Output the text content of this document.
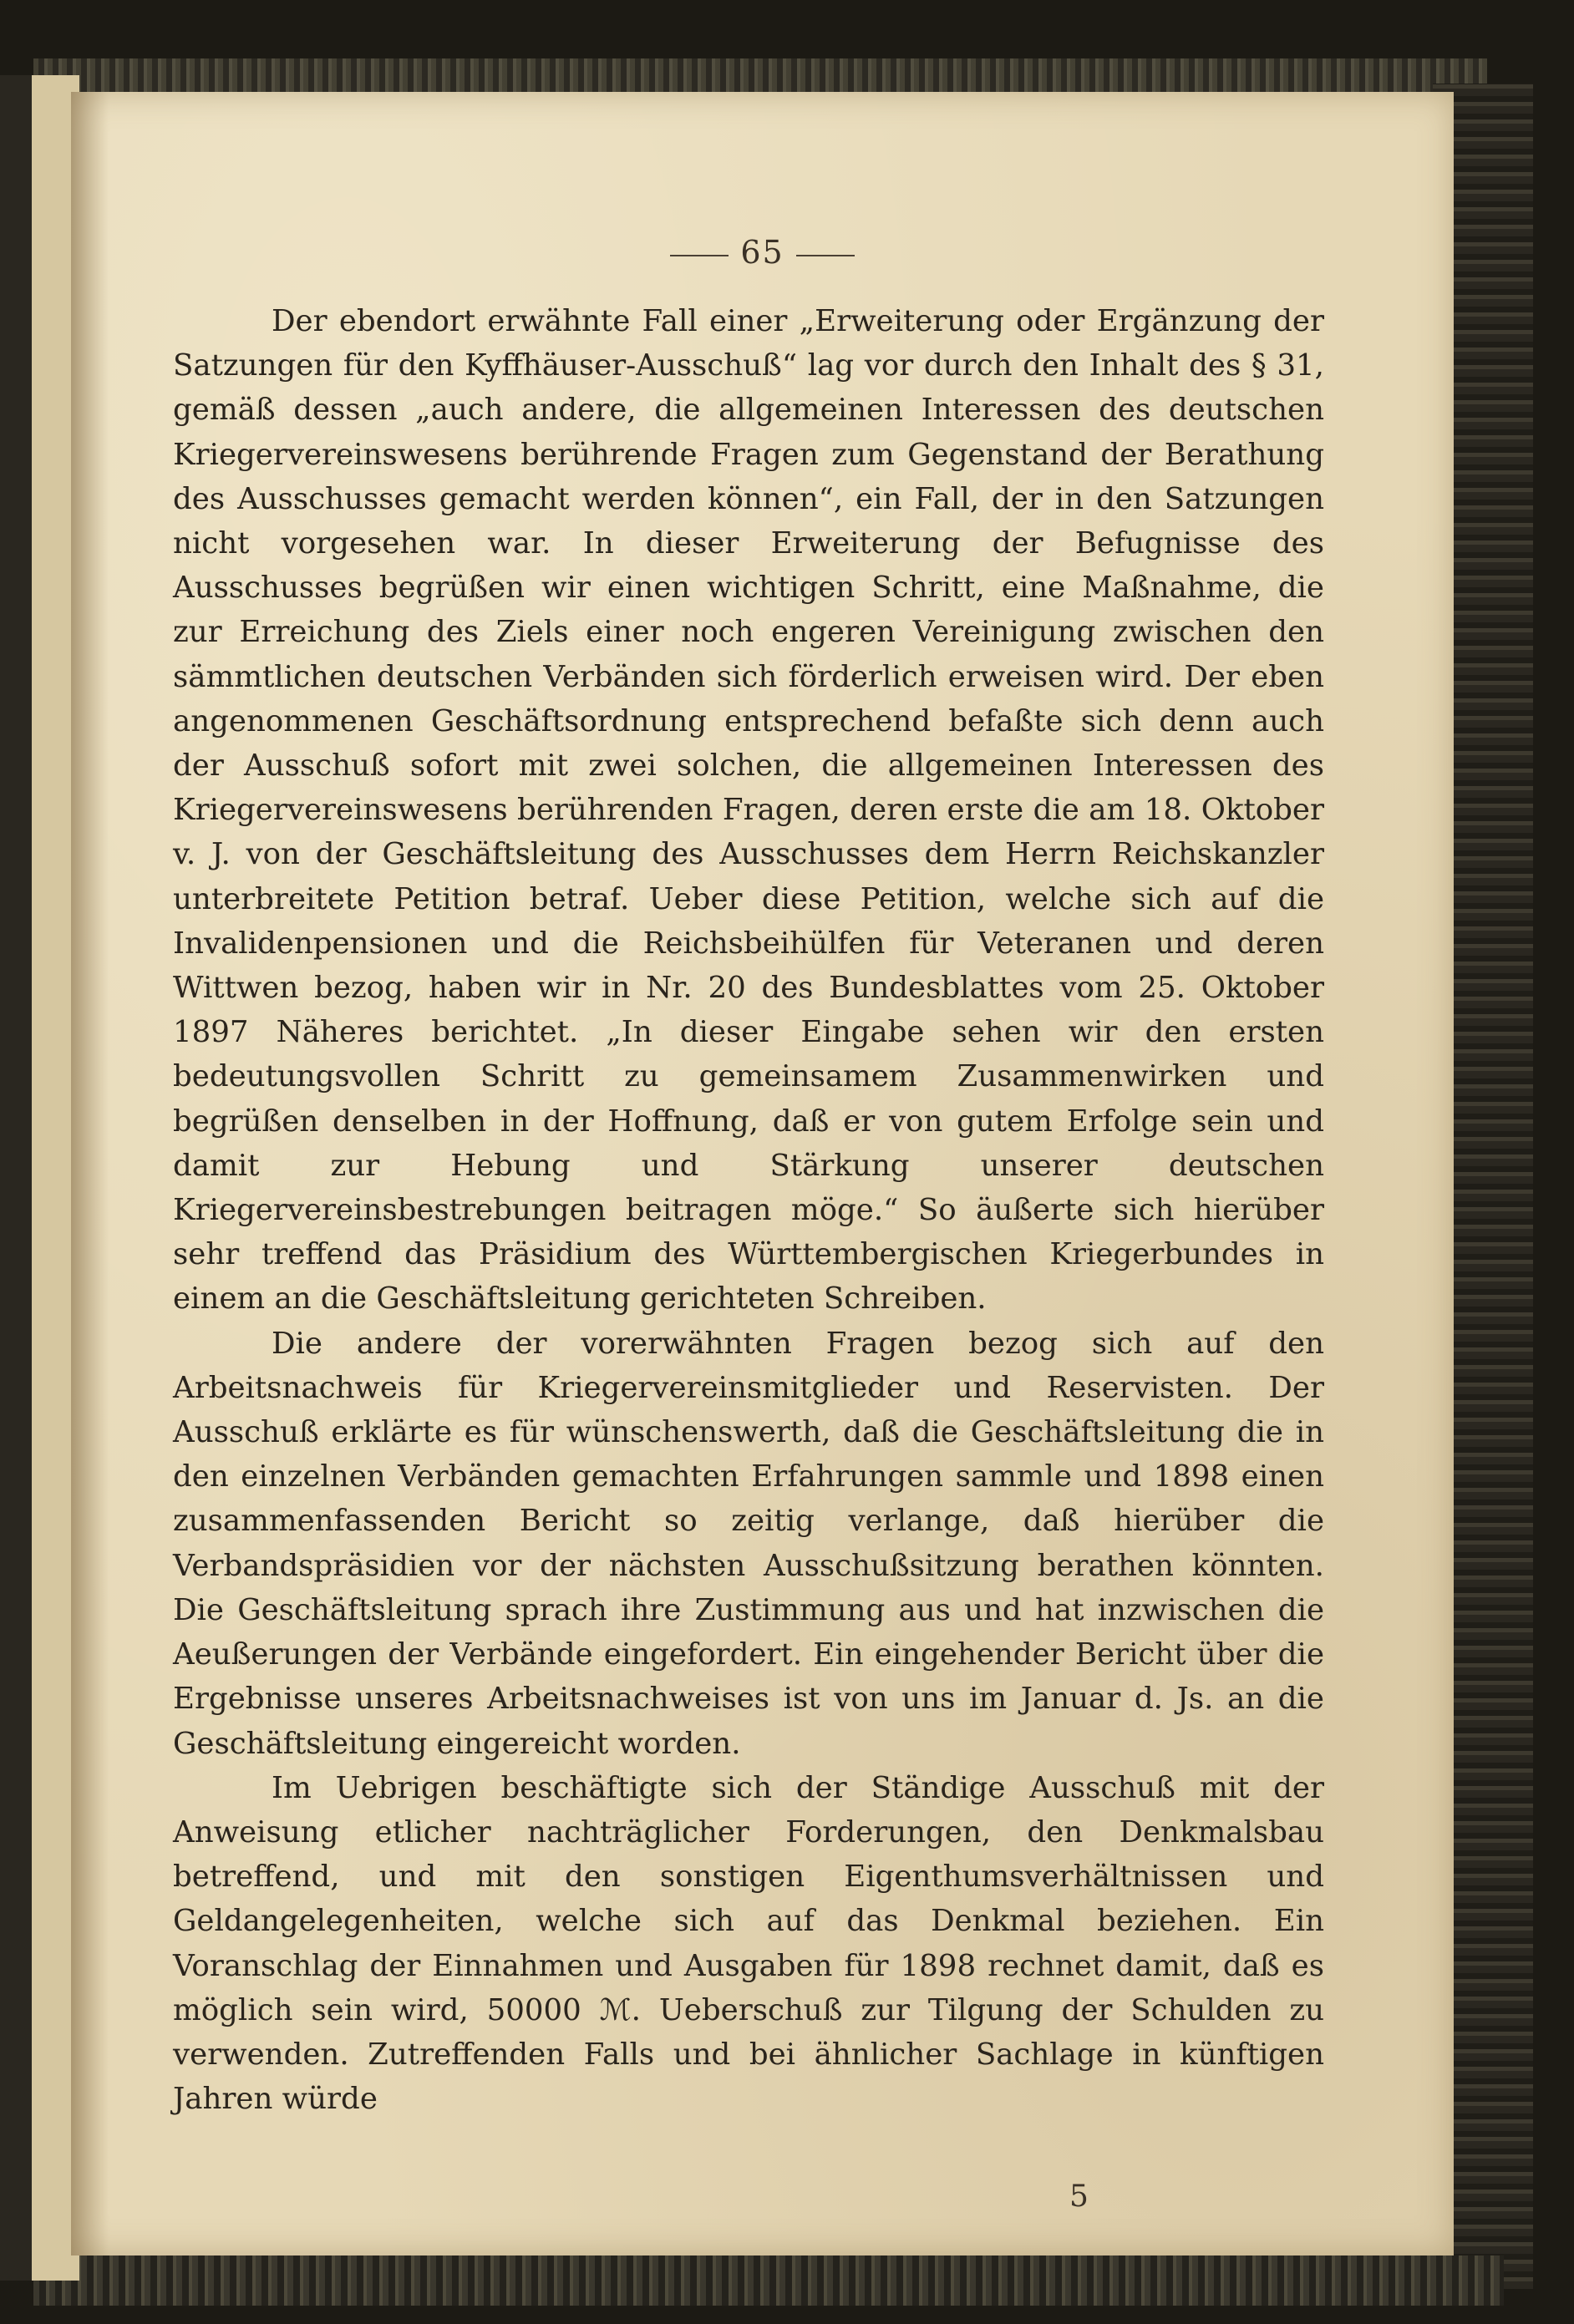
65

Der ebendort erwähnte Fall einer „Erweiterung oder Ergänzung der Satzungen für den Kyffhäuser-Ausschuß“ lag vor durch den Inhalt des § 31, gemäß dessen „auch andere, die allgemeinen Interessen des deutschen Kriegervereinswesens berührende Fragen zum Gegenstand der Berathung des Ausschusses gemacht werden können“, ein Fall, der in den Satzungen nicht vorgesehen war. In dieser Erweiterung der Befugnisse des Ausschusses begrüßen wir einen wichtigen Schritt, eine Maßnahme, die zur Erreichung des Ziels einer noch engeren Vereinigung zwischen den sämmtlichen deutschen Verbänden sich förderlich erweisen wird. Der eben angenommenen Geschäftsordnung entsprechend befaßte sich denn auch der Ausschuß sofort mit zwei solchen, die allgemeinen Interessen des Kriegervereinswesens berührenden Fragen, deren erste die am 18. Oktober v. J. von der Geschäftsleitung des Ausschusses dem Herrn Reichskanzler unterbreitete Petition betraf. Ueber diese Petition, welche sich auf die Invalidenpensionen und die Reichsbeihülfen für Veteranen und deren Wittwen bezog, haben wir in Nr. 20 des Bundesblattes vom 25. Oktober 1897 Näheres berichtet. „In dieser Eingabe sehen wir den ersten bedeutungsvollen Schritt zu gemeinsamem Zusammenwirken und begrüßen denselben in der Hoffnung, daß er von gutem Erfolge sein und damit zur Hebung und Stärkung unserer deutschen Kriegervereinsbestrebungen beitragen möge.“ So äußerte sich hierüber sehr treffend das Präsidium des Württembergischen Kriegerbundes in einem an die Geschäftsleitung gerichteten Schreiben.

Die andere der vorerwähnten Fragen bezog sich auf den Arbeitsnachweis für Kriegervereinsmitglieder und Reservisten. Der Ausschuß erklärte es für wünschenswerth, daß die Geschäftsleitung die in den einzelnen Verbänden gemachten Erfahrungen sammle und 1898 einen zusammenfassenden Bericht so zeitig verlange, daß hierüber die Verbandspräsidien vor der nächsten Ausschußsitzung berathen könnten. Die Geschäftsleitung sprach ihre Zustimmung aus und hat inzwischen die Aeußerungen der Verbände eingefordert. Ein eingehender Bericht über die Ergebnisse unseres Arbeitsnachweises ist von uns im Januar d. Js. an die Geschäftsleitung eingereicht worden.

Im Uebrigen beschäftigte sich der Ständige Ausschuß mit der Anweisung etlicher nachträglicher Forderungen, den Denkmalsbau betreffend, und mit den sonstigen Eigenthumsverhältnissen und Geldangelegenheiten, welche sich auf das Denkmal beziehen. Ein Voranschlag der Einnahmen und Ausgaben für 1898 rechnet damit, daß es möglich sein wird, 50000 ℳ. Ueberschuß zur Tilgung der Schulden zu verwenden. Zutreffenden Falls und bei ähnlicher Sachlage in künftigen Jahren würde

5
